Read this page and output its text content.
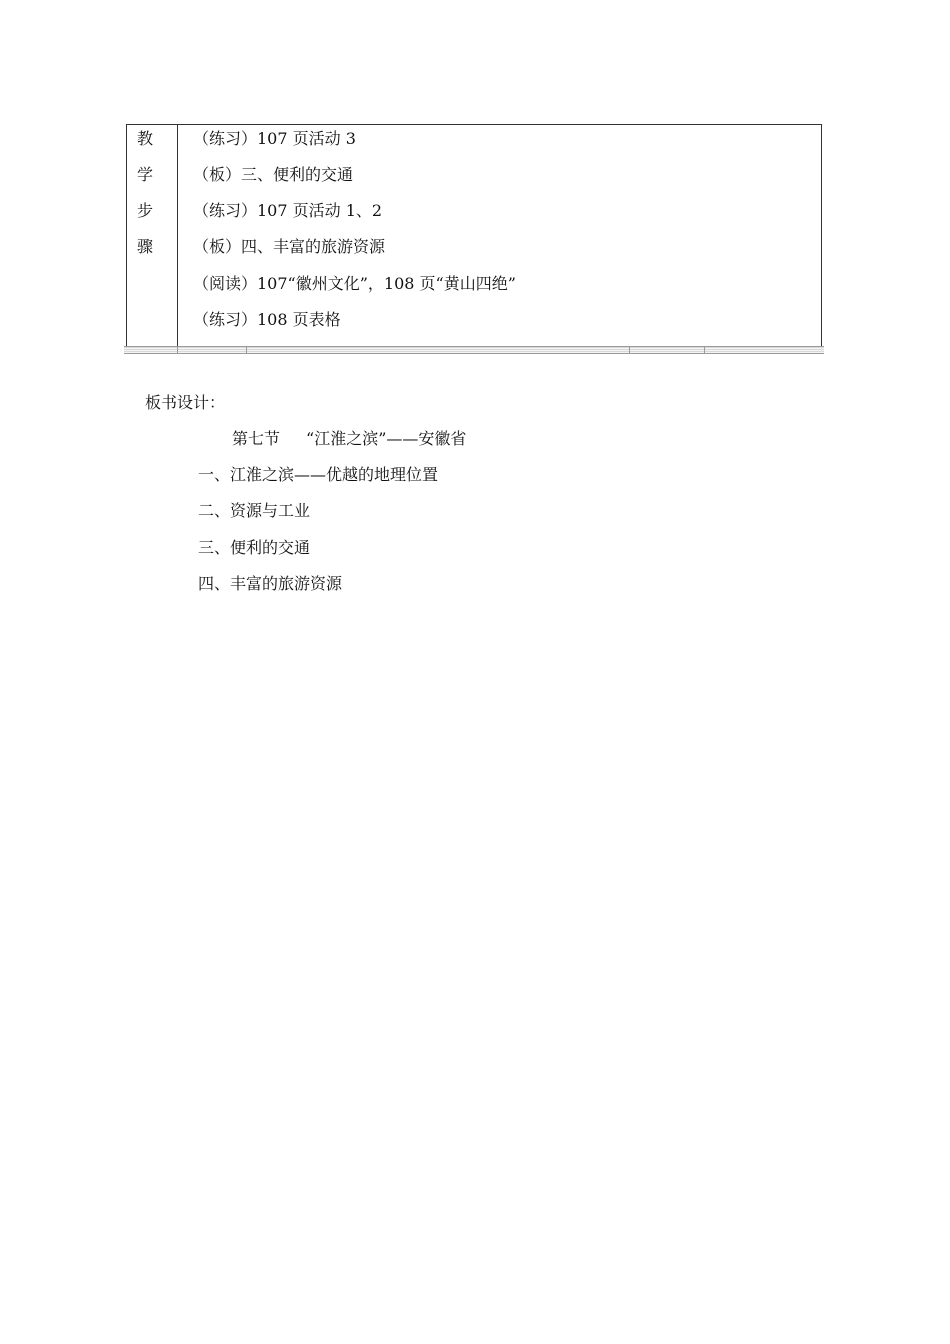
教
学
步
骤
（练习）107 页活动 3
（板）三、便利的交通
（练习）107 页活动 1、2
（板）四、丰富的旅游资源
（阅读）107“徽州文化”，108 页“黄山四绝”
（练习）108 页表格
板书设计：
第七节 “江淮之滨”——安徽省
一、江淮之滨——优越的地理位置
二、资源与工业
三、便利的交通
四、丰富的旅游资源
